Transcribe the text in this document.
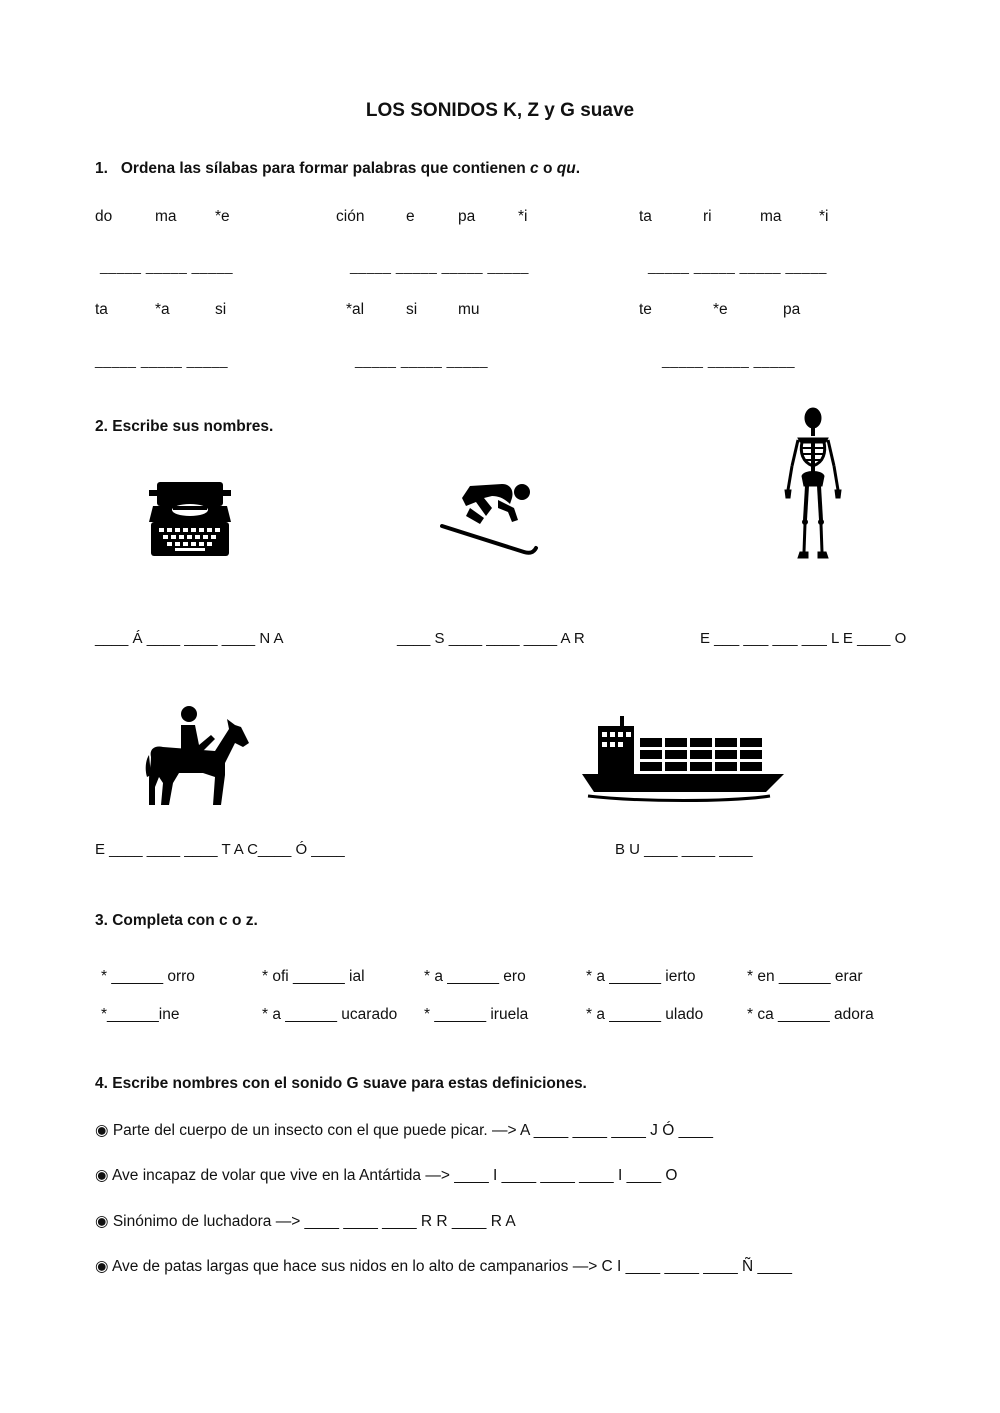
LOS SONIDOS K, Z y G suave
1. Ordena las sílabas para formar palabras que contienen c o qu.
do	ma *e
_____ _____ _____
ción	e	pa	*i
_____ _____ _____ _____
ta	ri	ma *i
_____ _____ _____ _____
ta	*a	si
_____ _____ _____
*al	si	mu
_____ _____ _____
te	*e	pa
_____ _____ _____
2. Escribe sus nombres.
____ Á ____ ____ ____ N A	____ S ____ ____ ____ A R	E ___ ___ ___ ___ L E ____ O
E ____ ____ ____ T A C____ Ó ____	B U ____ ____ ____
3. Completa con c o z.
* ______ orro	* ofi ______ ial	* a ______ ero	* a ______ ierto	* en ______ erar
*______ine	* a ______ ucarado * ______ iruela	* a ______ ulado	* ca ______ adora
4. Escribe nombres con el sonido G suave para estas definiciones.
◉ Parte del cuerpo de un insecto con el que puede picar. —> A ____ ____ ____ J Ó ____
◉ Ave incapaz de volar que vive en la Antártida —> ____ I ____ ____ ____ I ____ O
◉ Sinónimo de luchadora —> ____ ____ ____ R R ____ R A
◉ Ave de patas largas que hace sus nidos en lo alto de campanarios —> C I ____ ____ ____ Ñ ____
